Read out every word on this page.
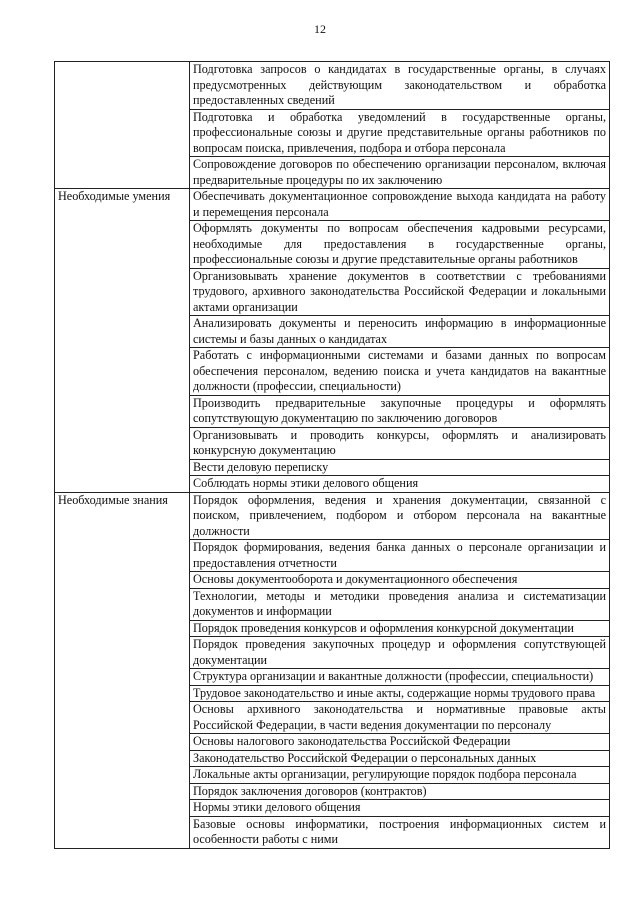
12
	Подготовка запросов о кандидатах в государственные органы, в случаях предусмотренных действующим законодательством и обработка предоставленных сведений
	Подготовка и обработка уведомлений в государственные органы, профессиональные союзы и другие представительные органы работников по вопросам поиска, привлечения, подбора и отбора персонала
	Сопровождение договоров по обеспечению организации персоналом, включая предварительные процедуры по их заключению
Необходимые умения	Обеспечивать документационное сопровождение выхода кандидата на работу и перемещения персонала
	Оформлять документы по вопросам обеспечения кадровыми ресурсами, необходимые для предоставления в государственные органы, профессиональные союзы и другие представительные органы работников
	Организовывать хранение документов в соответствии с требованиями трудового, архивного законодательства Российской Федерации и локальными актами организации
	Анализировать документы и переносить информацию в информационные системы и базы данных о кандидатах
	Работать с информационными системами и базами данных по вопросам обеспечения персоналом, ведению поиска и учета кандидатов на вакантные должности (профессии, специальности)
	Производить предварительные закупочные процедуры и оформлять сопутствующую документацию по заключению договоров
	Организовывать и проводить конкурсы, оформлять и анализировать конкурсную документацию
	Вести деловую переписку
	Соблюдать нормы этики делового общения
Необходимые знания	Порядок оформления, ведения и хранения документации, связанной с поиском, привлечением, подбором и отбором персонала на вакантные должности
	Порядок формирования, ведения банка данных о персонале организации и предоставления отчетности
	Основы документооборота и документационного обеспечения
	Технологии, методы и методики проведения анализа и систематизации документов и информации
	Порядок проведения конкурсов и оформления конкурсной документации
	Порядок проведения закупочных процедур и оформления сопутствующей документации
	Структура организации и вакантные должности (профессии, специальности)
	Трудовое законодательство и иные акты, содержащие нормы трудового права
	Основы архивного законодательства и нормативные правовые акты Российской Федерации, в части ведения документации по персоналу
	Основы налогового законодательства Российской Федерации
	Законодательство Российской Федерации о персональных данных
	Локальные акты организации, регулирующие порядок подбора персонала
	Порядок заключения договоров (контрактов)
	Нормы этики делового общения
	Базовые основы информатики, построения информационных систем и особенности работы с ними
